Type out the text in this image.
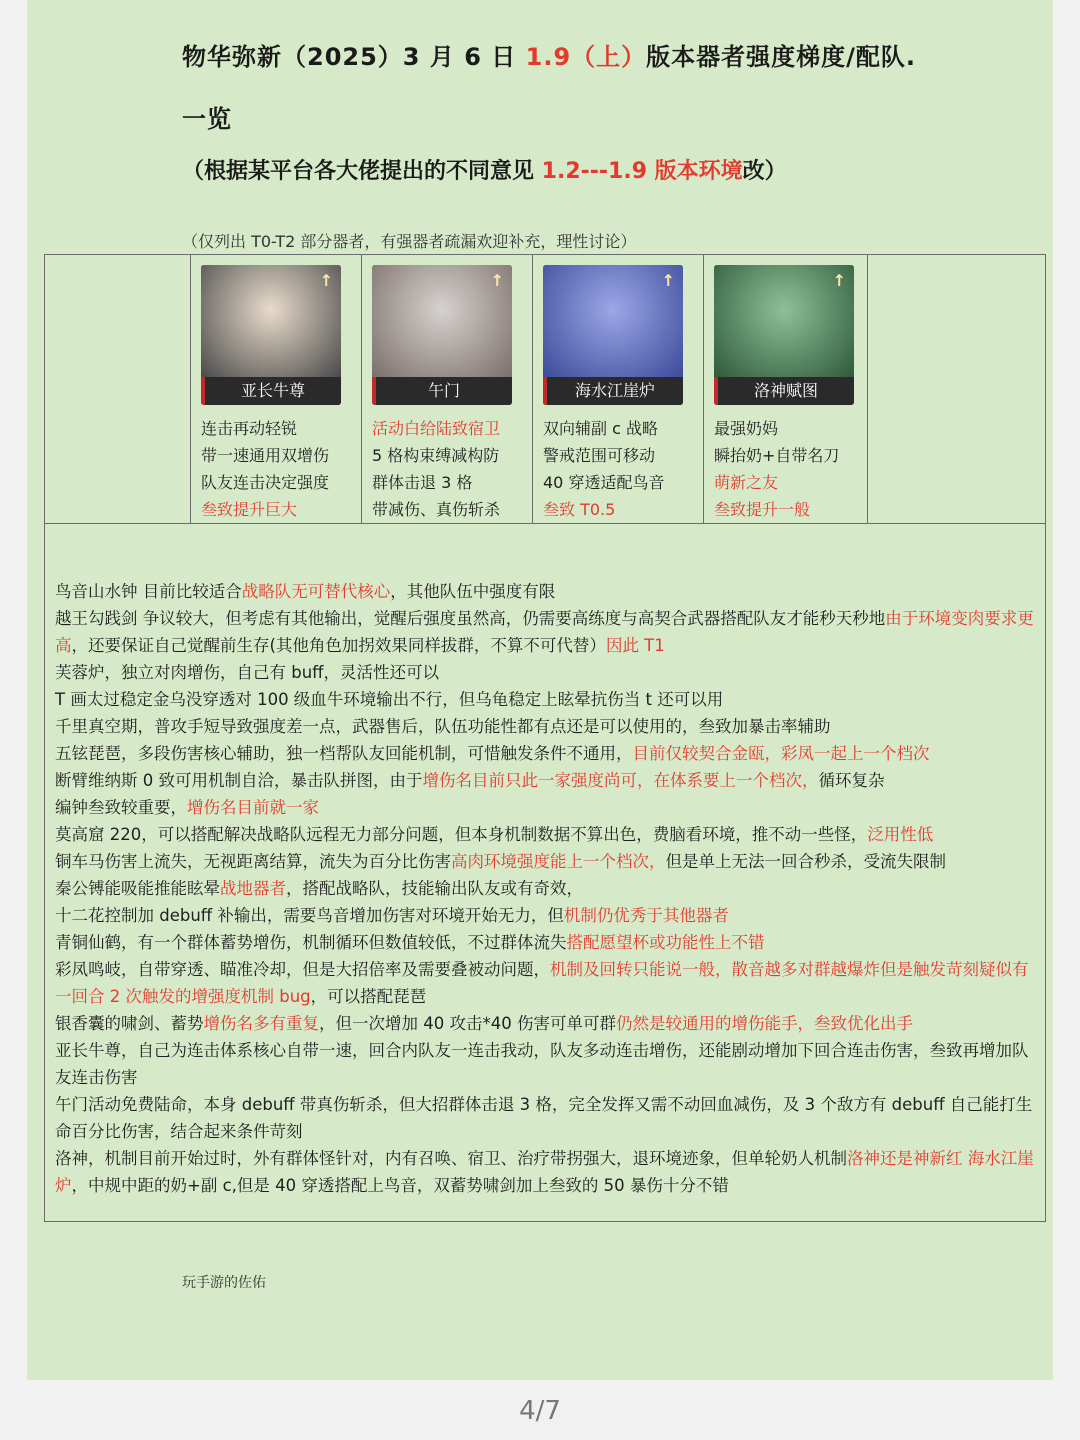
物华弥新（2025）3 月 6 日 1.9（上）版本器者强度梯度/配队.
一览
（根据某平台各大佬提出的不同意见 1.2---1.9 版本环境改）
（仅列出 T0-T2 部分器者，有强器者疏漏欢迎补充，理性讨论）
↑
亚长牛尊
连击再动轻锐
带一速通用双增伤
队友连击决定强度
叁致提升巨大
↑
午门
活动白给陆致宿卫
5 格构束缚减构防
群体击退 3 格
带减伤、真伤斩杀
↑
海水江崖炉
双向辅副 c 战略
警戒范围可移动
40 穿透适配鸟音
叁致 T0.5
↑
洛神赋图
最强奶妈
瞬抬奶+自带名刀
萌新之友
叁致提升一般

鸟音山水钟 目前比较适合战略队无可替代核心，其他队伍中强度有限

越王勾践剑 争议较大，但考虑有其他输出，觉醒后强度虽然高，仍需要高练度与高契合武器搭配队友才能秒天秒地由于环境变肉要求更高，还要保证自己觉醒前生存(其他角色加拐效果同样拔群，不算不可代替）因此 T1

芙蓉炉，独立对肉增伤，自己有 buff，灵活性还可以

T 画太过稳定金乌没穿透对 100 级血牛环境输出不行，但乌龟稳定上眩晕抗伤当 t 还可以用

千里真空期，普攻手短导致强度差一点，武器售后，队伍功能性都有点还是可以使用的，叁致加暴击率辅助

五铉琵琶，多段伤害核心辅助，独一档帮队友回能机制，可惜触发条件不通用，目前仅较契合金瓯，彩凤一起上一个档次

断臂维纳斯 0 致可用机制自洽，暴击队拼图，由于增伤名目前只此一家强度尚可，在体系要上一个档次，循环复杂

编钟叁致较重要，增伤名目前就一家

莫高窟 220，可以搭配解决战略队远程无力部分问题，但本身机制数据不算出色，费脑看环境，推不动一些怪，泛用性低

铜车马伤害上流失，无视距离结算，流失为百分比伤害高肉环境强度能上一个档次，但是单上无法一回合秒杀，受流失限制

秦公镈能吸能推能眩晕战地器者，搭配战略队，技能输出队友或有奇效，

十二花控制加 debuff 补输出，需要鸟音增加伤害对环境开始无力，但机制仍优秀于其他器者

青铜仙鹤，有一个群体蓄势增伤，机制循环但数值较低，不过群体流失搭配愿望杯或功能性上不错

彩凤鸣岐，自带穿透、瞄准冷却，但是大招倍率及需要叠被动问题，机制及回转只能说一般，散音越多对群越爆炸但是触发苛刻疑似有一回合 2 次触发的增强度机制 bug，可以搭配琵琶

银香囊的啸剑、蓄势增伤名多有重复，但一次增加 40 攻击*40 伤害可单可群仍然是较通用的增伤能手，叁致优化出手

亚长牛尊，自己为连击体系核心自带一速，回合内队友一连击我动，队友多动连击增伤，还能剧动增加下回合连击伤害，叁致再增加队友连击伤害

午门活动免费陆命，本身 debuff 带真伤斩杀，但大招群体击退 3 格，完全发挥又需不动回血减伤，及 3 个敌方有 debuff 自己能打生命百分比伤害，结合起来条件苛刻

洛神，机制目前开始过时，外有群体怪针对，内有召唤、宿卫、治疗带拐强大，退环境迹象，但单轮奶人机制洛神还是神新红 海水江崖炉，中规中距的奶+副 c,但是 40 穿透搭配上鸟音，双蓄势啸剑加上叁致的 50 暴伤十分不错

玩手游的佐佑
4/7
